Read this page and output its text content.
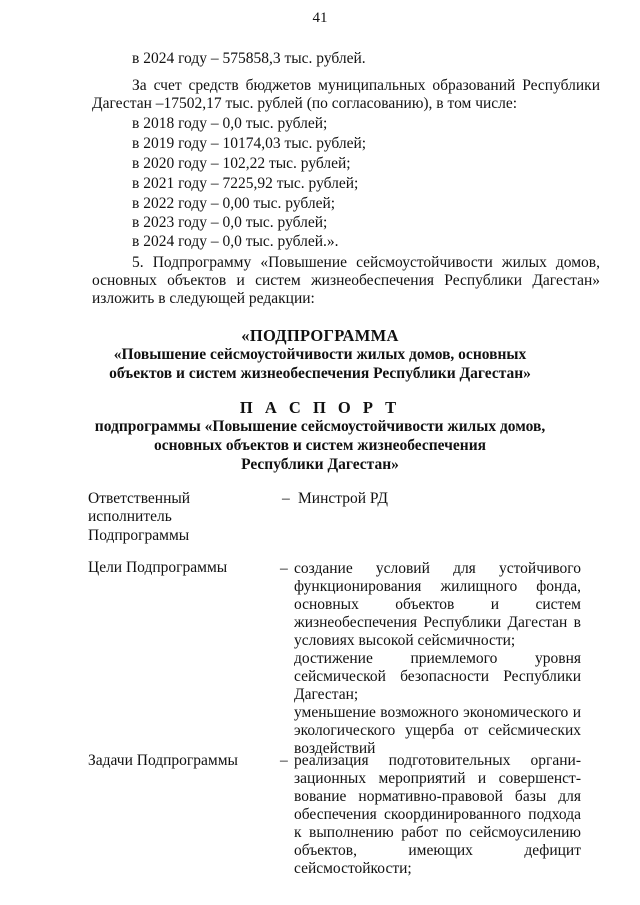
41
в 2024 году – 575858,3 тыс. рублей.
За счет средств бюджетов муниципальных образований Республики
Дагестан –17502,17 тыс. рублей (по согласованию), в том числе:
в 2018 году – 0,0 тыс. рублей;
в 2019 году – 10174,03 тыс. рублей;
в 2020 году – 102,22 тыс. рублей;
в 2021 году – 7225,92 тыс. рублей;
в 2022 году – 0,00 тыс. рублей;
в 2023 году – 0,0 тыс. рублей;
в 2024 году – 0,0 тыс. рублей.».
5. Подпрограмму «Повышение сейсмоустойчивости жилых домов,
основных объектов и систем жизнеобеспечения Республики Дагестан»
изложить в следующей редакции:
«ПОДПРОГРАММА
«Повышение сейсмоустойчивости жилых домов, основных
объектов и систем жизнеобеспечения Республики Дагестан»
П А С П О Р Т
подпрограммы «Повышение сейсмоустойчивости жилых домов,
основных объектов и систем жизнеобеспечения
Республики Дагестан»
Ответственный
исполнитель
Подпрограммы
– Минстрой РД
Цели Подпрограммы	– создание условий для устойчивого
функционирования жилищного фонда,
основных объектов и систем
жизнеобеспечения Республики Дагестан в
условиях высокой сейсмичности;
достижение приемлемого уровня
сейсмической безопасности Республики
Дагестан;
уменьшение возможного экономического и
экологического ущерба от сейсмических
воздействий
Задачи Подпрограммы	– реализация подготовительных органи-
зационных мероприятий и совершенст-
вование нормативно-правовой базы для
обеспечения скоординированного подхода
к выполнению работ по сейсмоусилению
объектов, имеющих дефицит
сейсмостойкости;
